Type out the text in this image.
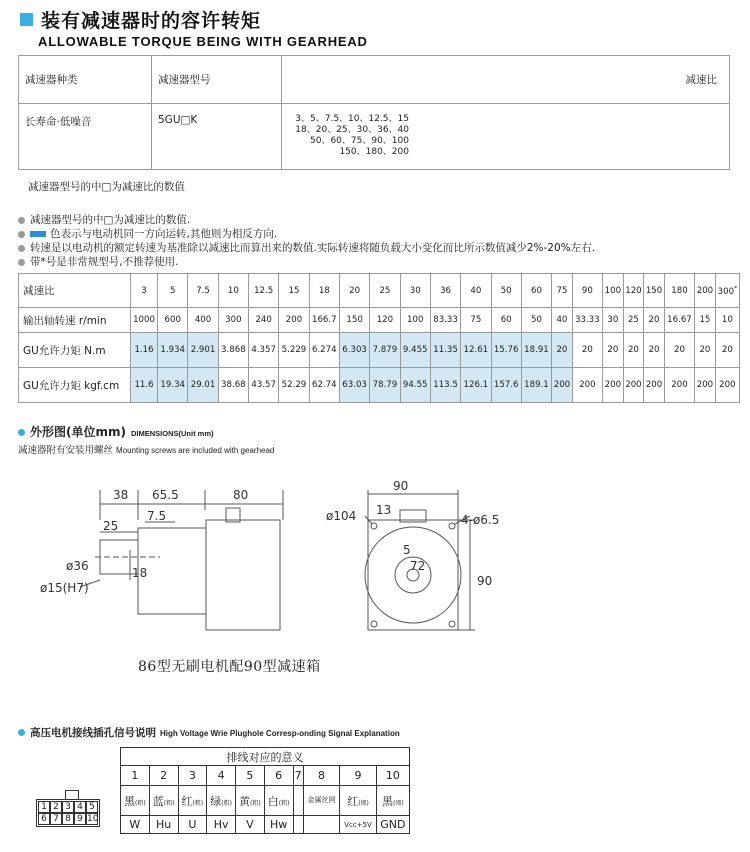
装有减速器时的容许转矩
ALLOWABLE TORQUE BEING WITH GEARHEAD
减速器种类	减速器型号	减速比
长寿命·低噪音	5GU□K	3、5、7.5、10、12.5、15
18、20、25、30、36、40
50、60、75、90、100
150、180、200
减速器型号的中□为减速比的数值
减速器型号的中□为减速比的数值.
色表示与电动机同一方向运转,其他则为相反方向.
转速是以电动机的额定转速为基准除以减速比而算出来的数值.实际转速将随负载大小变化而比所示数值减少2%-20%左右.
带*号是非常规型号,不推荐使用.
减速比	3	5	7.5	10	12.5	15	18	20	25	30	36	40	50	60	75	90	100	120	150	180	200	300*
输出轴转速 r/min	1000	600	400	300	240	200	166.7	150	120	100	83.33	75	60	50	40	33.33	30	25	20	16.67	15	10
GU允许力矩 N.m	1.16	1.934	2.901	3.868	4.357	5.229	6.274	6.303	7.879	9.455	11.35	12.61	15.76	18.91	20	20	20	20	20	20	20	20
GU允许力矩 kgf.cm	11.6	19.34	29.01	38.68	43.57	52.29	62.74	63.03	78.79	94.55	113.5	126.1	157.6	189.1	200	200	200	200	200	200	200	200
外形图(单位mm) DIMENSIONS(Unit mm)
减速器附有安装用螺丝 Mounting screws are included with gearhead
38 65.5	80
7.5
25
ø36	18
ø15(H7)
90
13
ø104	4-ø6.5
5
72
90
86型无刷电机配90型减速箱
高压电机接线插孔信号说明 High Voltage Wrie Plughole Corresp-onding Signal Explanation
1 2 3 4 5
6 7 8 9 10
排线对应的意义									
1	2	3	4	5	6	7	8	9	10
黑(粗)	蓝(粗)	红(粗)	绿(粗)	黄(粗)	白(粗)		金属丝网	红(细)	黑(细)
W	Hu	U	Hv	V	Hw			Vcc+5V	GND
